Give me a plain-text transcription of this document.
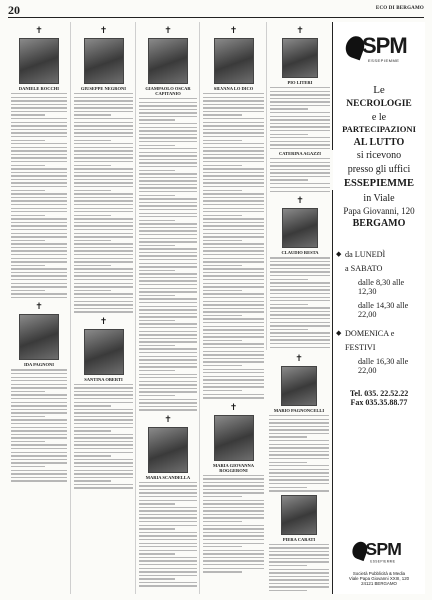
20	ECO DI BERGAMO
✝
DANIELE ROCCHI
✝
IDA PAGNONI
✝
GIUSEPPE NEGRONI
✝
SANTINA OBERTI
✝
GIAMPAOLO OSCAR CAPITANIO
✝
MARIA SCANDELLA
✝
SILVANA LO DICO
✝
MARIA GIOVANNA ROGGERONI
✝
PIO LITERI
✝
CLAUDIO RESTA
SPM
ESSEPIEMME
Le
NECROLOGIE
e le
PARTECIPAZIONI
AL LUTTO
si ricevono
presso gli uffici
ESSEPIEMME
in Viale
Papa Giovanni, 120
BERGAMO
◆ da LUNEDÌ
a SABATO
dalle 8,30 alle 12,30
dalle 14,30 alle 22,00
◆ DOMENICA e
FESTIVI
dalle 16,30 alle 22,00
Tel. 035. 22.52.22
Fax 035.35.88.77
SPM
ESSEPIEMME
Società Pubblicità & Media
Viale Papa Giovanni XXIII, 120
24121 BERGAMO
✝
MARIO PAGNONCELLI
PIERA CARATI
CATERINA AGAZZI
